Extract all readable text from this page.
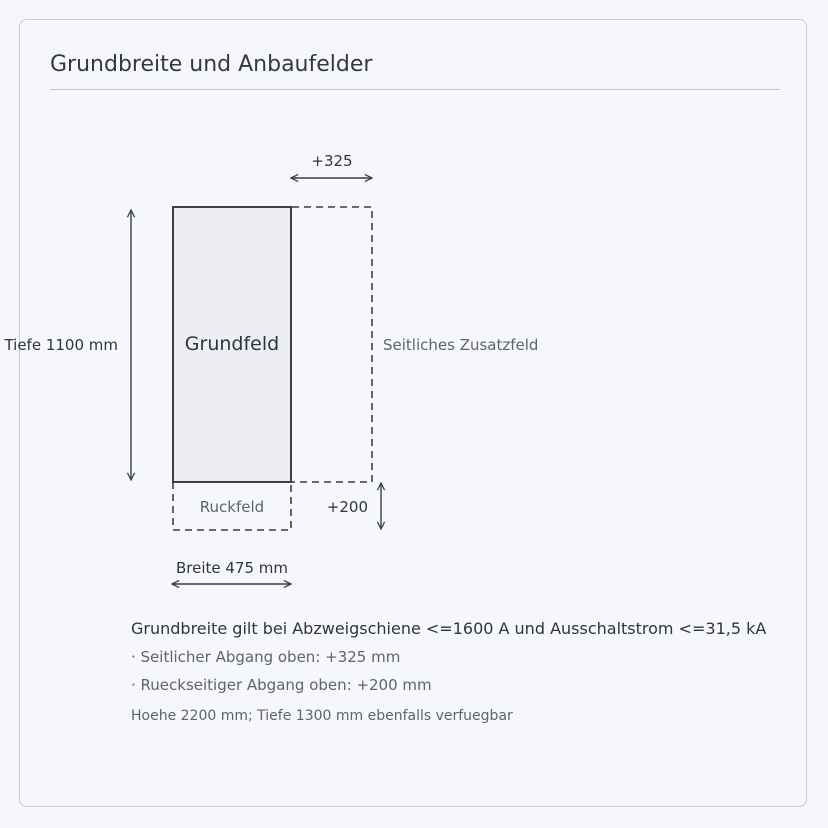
Grundbreite und Anbaufelder
Grundfeld	Seitliches Zusatzfeld
Ruckfeld
Tiefe 1100 mm
Breite 475 mm
+325
+200

Grundbreite gilt bei Abzweigschiene <=1600 A und Ausschaltstrom <=31,5 kA

· Seitlicher Abgang oben: +325 mm

· Rueckseitiger Abgang oben: +200 mm

Hoehe 2200 mm; Tiefe 1300 mm ebenfalls verfuegbar
